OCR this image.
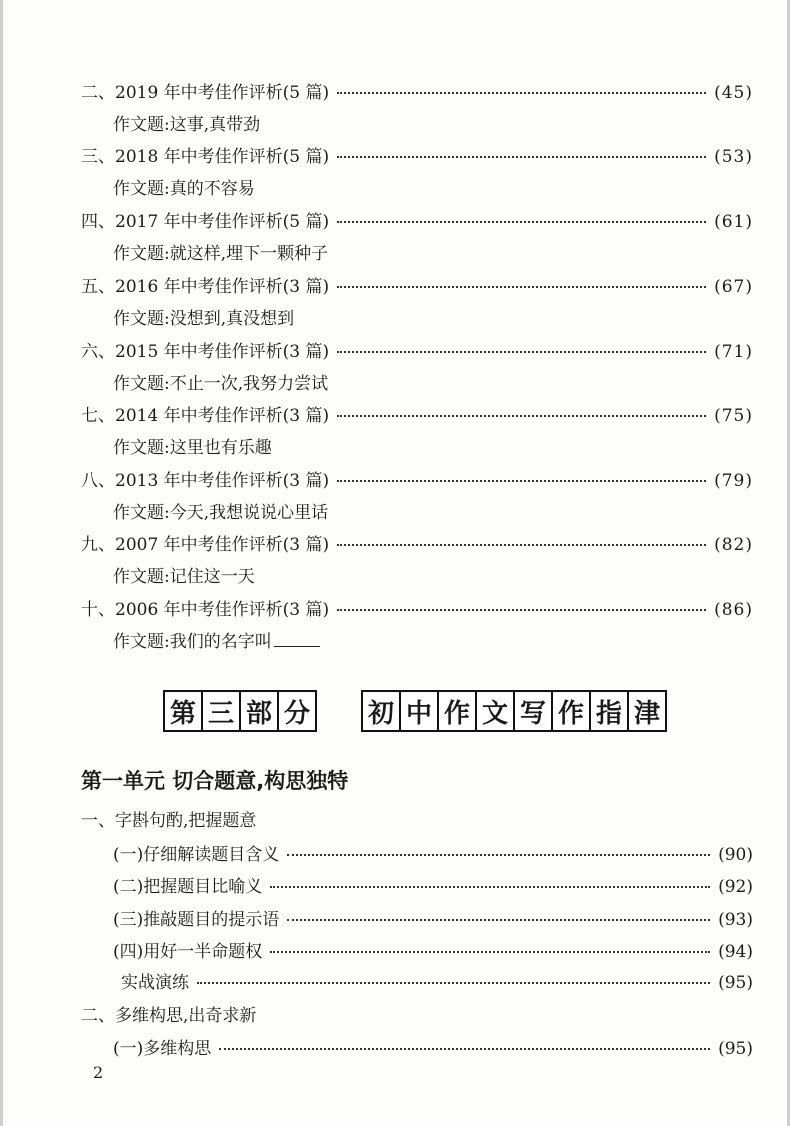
二、2019 年中考佳作评析(5 篇)	(45)
作文题:这事,真带劲
三、2018 年中考佳作评析(5 篇)	(53)
作文题:真的不容易
四、2017 年中考佳作评析(5 篇)	(61)
作文题:就这样,埋下一颗种子
五、2016 年中考佳作评析(3 篇)	(67)
作文题:没想到,真没想到
六、2015 年中考佳作评析(3 篇)	(71)
作文题:不止一次,我努力尝试
七、2014 年中考佳作评析(3 篇)	(75)
作文题:这里也有乐趣
八、2013 年中考佳作评析(3 篇)	(79)
作文题:今天,我想说说心里话
九、2007 年中考佳作评析(3 篇)	(82)
作文题:记住这一天
十、2006 年中考佳作评析(3 篇)	(86)
作文题:我们的名字叫
第 三 部 分 初 中 作 文 写 作 指 津
第一单元 切合题意,构思独特
一、字斟句酌,把握题意
(一)仔细解读题目含义	(90)
(二)把握题目比喻义	(92)
(三)推敲题目的提示语	(93)
(四)用好一半命题权	(94)
实战演练	(95)
二、多维构思,出奇求新
(一)多维构思	(95)
2
